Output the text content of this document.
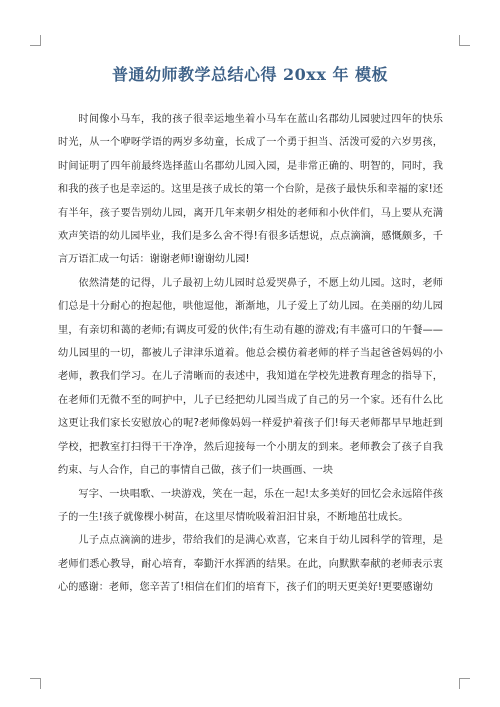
普通幼师教学总结心得 20xx 年 模板

时间像小马车，我的孩子很幸运地坐着小马车在蓝山名郡幼儿园驶过四年的快乐时光，从一个咿呀学语的两岁多幼童，长成了一个勇于担当、活泼可爱的六岁男孩，时间证明了四年前最终选择蓝山名郡幼儿园入园，是非常正确的、明智的，同时，我和我的孩子也是幸运的。这里是孩子成长的第一个台阶，是孩子最快乐和幸福的家!还有半年，孩子要告别幼儿园，离开几年来朝夕相处的老师和小伙伴们，马上要从充满欢声笑语的幼儿园毕业，我们是多么舍不得!有很多话想说，点点滴滴，感慨颇多，千言万语汇成一句话：谢谢老师!谢谢幼儿园!

依然清楚的记得，儿子最初上幼儿园时总爱哭鼻子，不愿上幼儿园。这时，老师们总是十分耐心的抱起他，哄他逗他，渐渐地，儿子爱上了幼儿园。在美丽的幼儿园里，有亲切和蔼的老师;有调皮可爱的伙伴;有生动有趣的游戏;有丰盛可口的午餐——幼儿园里的一切，都被儿子津津乐道着。他总会模仿着老师的样子当起爸爸妈妈的小老师，教我们学习。在儿子清晰而的表述中，我知道在学校先进教育理念的指导下，在老师们无微不至的呵护中，儿子已经把幼儿园当成了自己的另一个家。还有什么比这更让我们家长安慰放心的呢?老师像妈妈一样爱护着孩子们!每天老师都早早地赶到学校，把教室打扫得干干净净，然后迎接每一个小朋友的到来。老师教会了孩子自我约束、与人合作，自己的事情自己做，孩子们一块画画、一块

写字、一块唱歌、一块游戏，笑在一起，乐在一起!太多美好的回忆会永远陪伴孩子的一生!孩子就像棵小树苗，在这里尽情吮吸着汩汩甘泉，不断地茁壮成长。

儿子点点滴滴的进步，带给我们的是满心欢喜，它来自于幼儿园科学的管理，是老师们悉心教导，耐心培育，奉勤汗水挥洒的结果。在此，向默默奉献的老师表示衷心的感谢：老师，您辛苦了!相信在们们的培育下，孩子们的明天更美好!更要感谢幼
